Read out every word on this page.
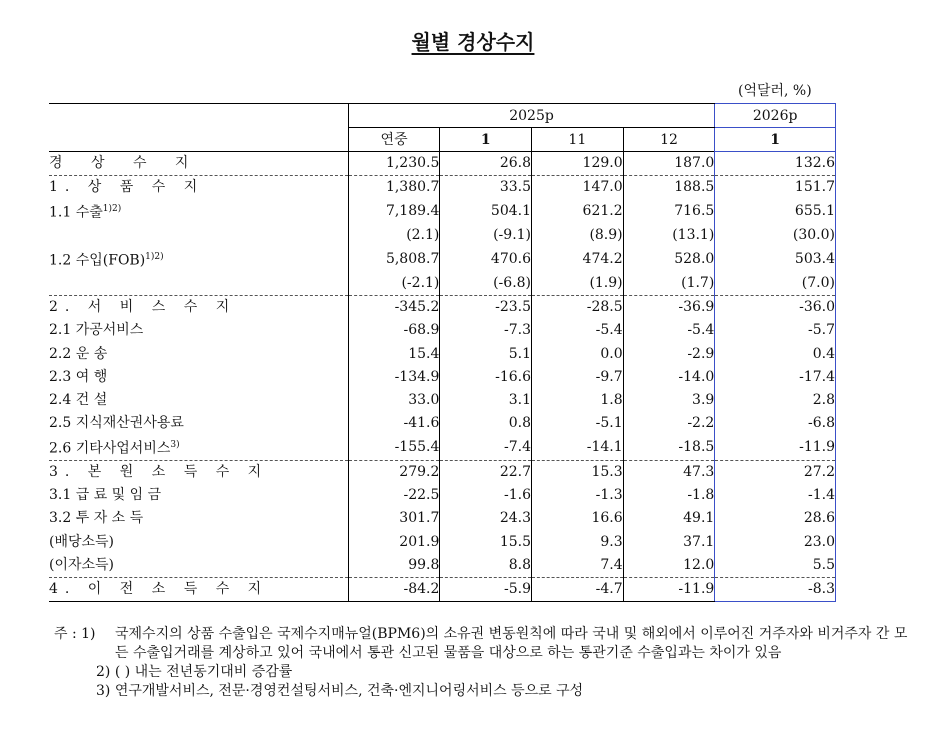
월별 경상수지
(억달러, %)
	2025p				2026p
	연중	1	11	12	1
경 상 수 지	1,230.5	26.8	129.0	187.0	132.6
1. 상 품 수 지	1,380.7	33.5	147.0	188.5	151.7
1.1 수출$^{1)2)}$	7,189.4	504.1	621.2	716.5	655.1
	(2.1)	(-9.1)	(8.9)	(13.1)	(30.0)
1.2 수입(FOB)$^{1)2)}$	5,808.7	470.6	474.2	528.0	503.4
	(-2.1)	(-6.8)	(1.9)	(1.7)	(7.0)
2. 서 비 스 수 지	-345.2	-23.5	-28.5	-36.9	-36.0
2.1 가공서비스	-68.9	-7.3	-5.4	-5.4	-5.7
2.2 운 송	15.4	5.1	0.0	-2.9	0.4
2.3 여 행	-134.9	-16.6	-9.7	-14.0	-17.4
2.4 건 설	33.0	3.1	1.8	3.9	2.8
2.5 지식재산권사용료	-41.6	0.8	-5.1	-2.2	-6.8
2.6 기타사업서비스$^{3)}$	-155.4	-7.4	-14.1	-18.5	-11.9
3. 본 원 소 득 수 지	279.2	22.7	15.3	47.3	27.2
3.1 급 료 및 임 금	-22.5	-1.6	-1.3	-1.8	-1.4
3.2 투 자 소 득	301.7	24.3	16.6	49.1	28.6
(배당소득)	201.9	15.5	9.3	37.1	23.0
(이자소득)	99.8	8.8	7.4	12.0	5.5
4. 이 전 소 득 수 지	-84.2	-5.9	-4.7	-11.9	-8.3
주 : 1)	국제수지의 상품 수출입은 국제수지매뉴얼(BPM6)의 소유권 변동원칙에 따라 국내 및 해외에서 이루어진 거주자와 비거주자 간 모든 수출입거래를 계상하고 있어 국내에서 통관 신고된 물품을 대상으로 하는 통관기준 수출입과는 차이가 있음
2) ( ) 내는 전년동기대비 증감률
3) 연구개발서비스, 전문·경영컨설팅서비스, 건축·엔지니어링서비스 등으로 구성
